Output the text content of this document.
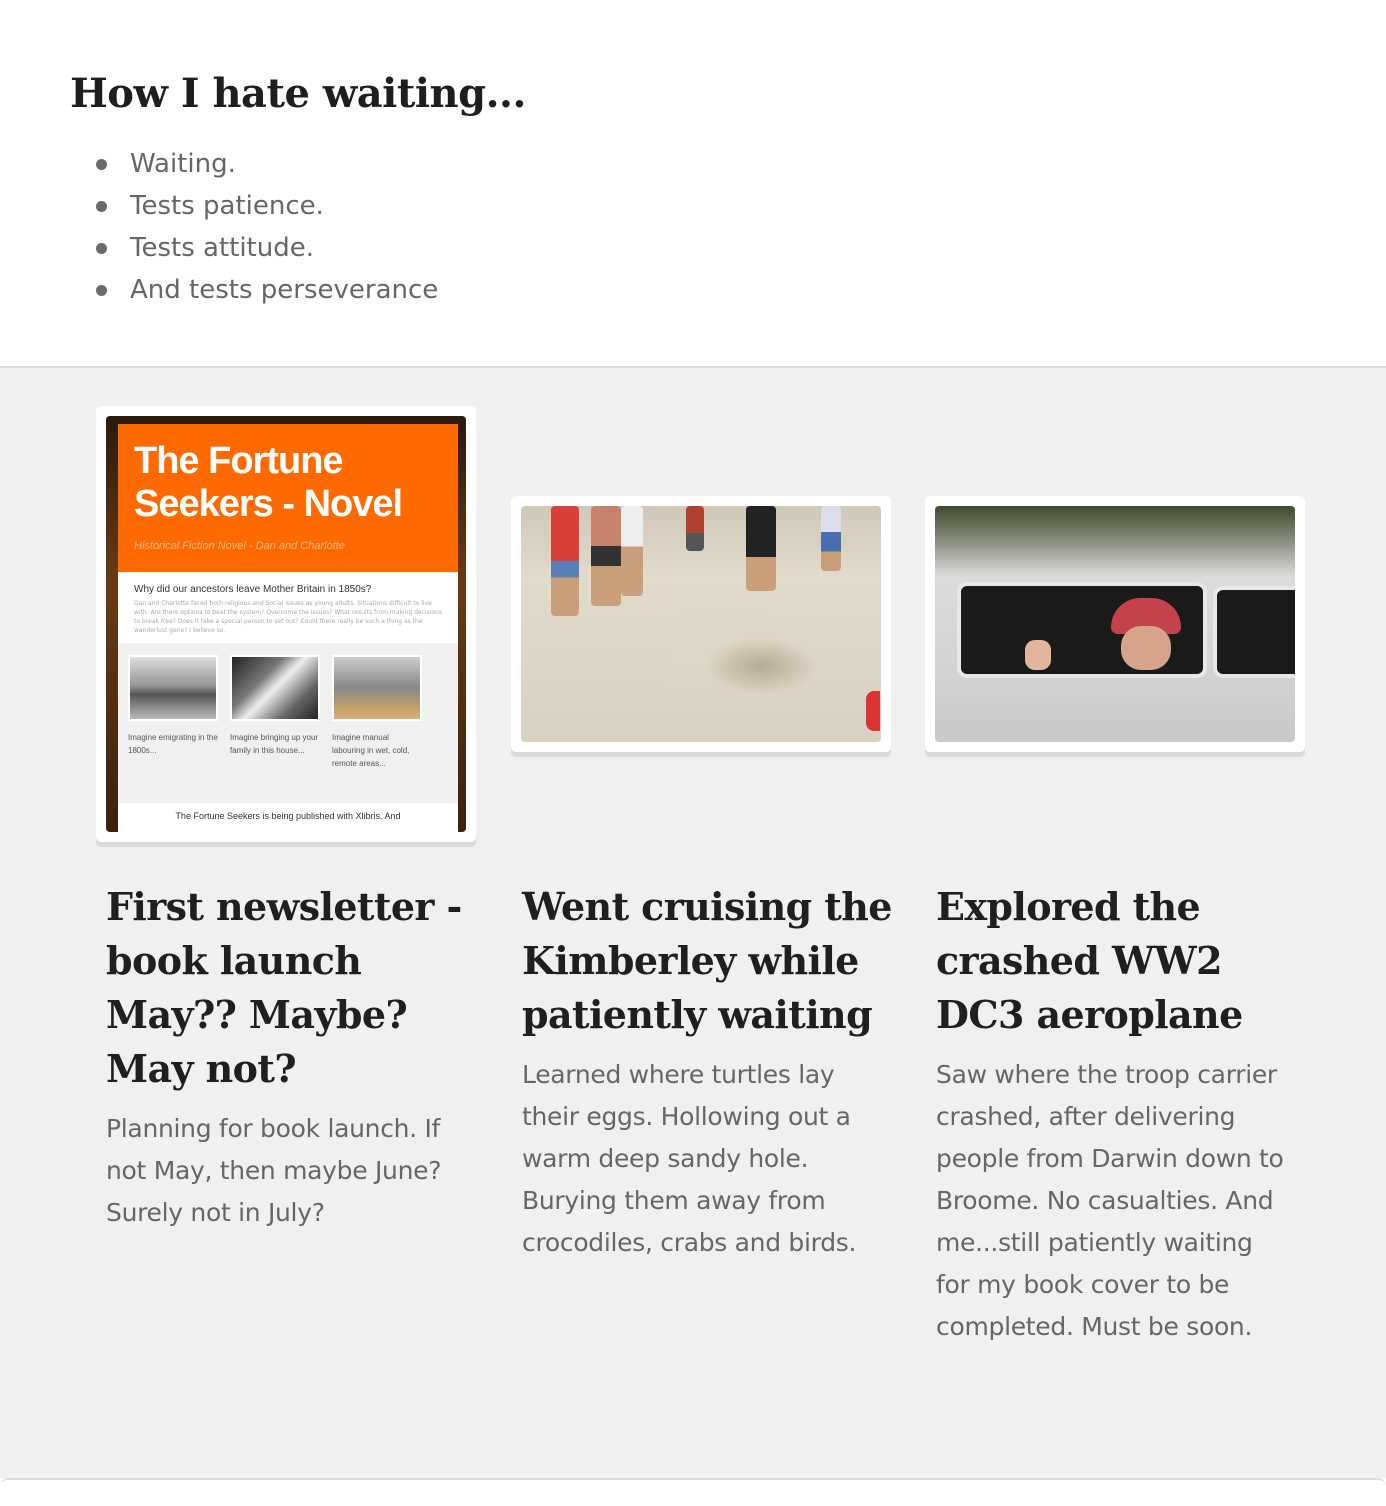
How I hate waiting...
Waiting.
Tests patience.
Tests attitude.
And tests perseverance
The Fortune
Seekers - Novel
Historical Fiction Novel - Dan and Charlotte
Why did our ancestors leave Mother Britain in 1850s?
Dan and Charlotte faced both religious and Social issues as young adults. Situations difficult to live with. Are there options to beat the system? Overcome the issues? What results from making decisions to break free? Does it take a special person to set out? Could there really be such a thing as the wanderlust gene? I believe so.
Imagine emigrating in the 1800s...
Imagine bringing up your family in this house...
Imagine manual labouring in wet, cold, remote areas...
The Fortune Seekers is being published with Xlibris. And
First newsletter - book launch May?? Maybe? May not?

Planning for book launch. If not May, then maybe June? Surely not in July?

Went cruising the Kimberley while patiently waiting

Learned where turtles lay their eggs. Hollowing out a warm deep sandy hole. Burying them away from crocodiles, crabs and birds.

Explored the crashed WW2 DC3 aeroplane

Saw where the troop carrier crashed, after delivering people from Darwin down to Broome. No casualties. And me...still patiently waiting for my book cover to be completed. Must be soon.
